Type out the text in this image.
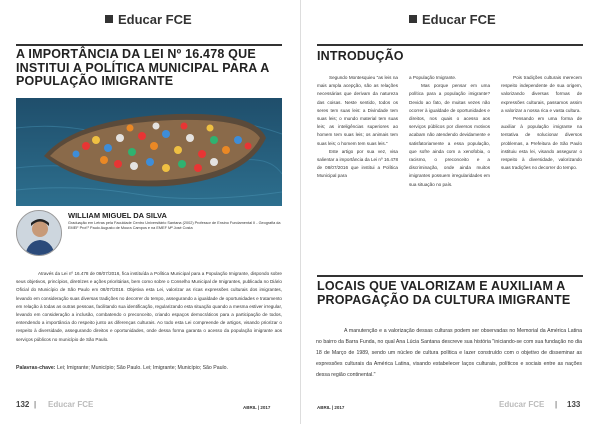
Educar FCE
A IMPORTÂNCIA DA LEI Nº 16.478 QUE INSTITUI A POLÍTICA MUNICIPAL PARA A POPULAÇÃO IMIGRANTE
WILLIAM MIGUEL DA SILVA
Graduação em Letras pela Faculdade Centro Universitário Santana (2002) Professor de Ensino Fundamental II - Geografia da EMEF Prof.º Paulo Augusto de Moura Campos e na EMEF Mª José Costa
Através da Lei nº 16.478 de 08/07/2016, fica instituída a Política Municipal para a População Imigrante, dispondo sobre seus objetivos, princípios, diretrizes e ações prioritárias, bem como sobre o Conselho Municipal de Imigrantes, publicada no Diário Oficial do Município de São Paulo em 08/07/2016. Objetiva esta Lei, valorizar as ricas expressões culturais dos imigrantes, levando em consideração suas diversas tradições no decorrer do tempo, assegurando a igualdade de oportunidades e tratamento em relação à todas as outras pessoas, facilitando sua identificação, regularizando esta situação quando a mesma estiver irregular, levando em consideração a inclusão, combatendo o preconceito, criando espaços democráticos para a participação de todos, entendendo a importância do respeito junto as diferenças culturais. Ao todo esta Lei compreende de artigos, visando priorizar o respeito à diversidade, assegurando direitos e oportunidades, onde dessa forma garanta o acesso da população imigrante aos serviços públicos no município de São Paulo.
Palavras-chave: Lei; Imigrante; Município; São Paulo. Lei; Imigrante; Município; São Paulo.
132 |	Educar FCE	ABRIL | 2017
Educar FCE
INTRODUÇÃO

Segundo Montesquieu "as leis na mais ampla acepção, são as relações necessárias que derivam da natureza das coisas. Neste sentido, todos os seres tem suas leis: a Divindade tem suas leis; o mundo material tem suas leis; as inteligências superiores ao homem tem suas leis; os animais tem suas leis; o homem tem suas leis."

Este artigo por sua vez, visa salientar a importância da Lei nº 16.478 de 08/07/2016 que institui a Política Municipal para

a População Imigrante.

Mas porque pensar em uma política para a população imigrante? Devido ao fato, de muitas vezes não ocorrer à igualdade de oportunidades e direitos, nos quais o acesso aos serviços públicos por diversos motivos acabam não atendendo devidamente e satisfatoriamente a essa população, que sofre ainda com a xenofobia, o racismo, o preconceito e a discriminação, onde ainda muitos imigrantes possuem irregularidades em sua situação no país.

Pois tradições culturais merecem respeito independente de sua origem, valorizando diversas formas de expressões culturais, passamos assim a valorizar a nossa rica e vasta cultura.

Pensando em uma forma de auxiliar à população imigrante na tentativa de solucionar diversos problemas, a Prefeitura de São Paulo instituiu esta lei, visando assegurar o respeito à diversidade, valorizando suas tradições no decorrer do tempo.

LOCAIS QUE VALORIZAM E AUXILIAM A PROPAGAÇÃO DA CULTURA IMIGRANTE
ABRIL | 2017	Educar FCE | 133
A manutenção e a valorização dessas culturas podem ser observadas no Memorial da América Latina no bairro da Barra Funda, no qual Ana Lúcia Santana descreve sua história "iniciando-se com sua fundação no dia 18 de Março de 1989, sendo um núcleo de cultura política e lazer construído com o objetivo de disseminar as expressões culturais da América Latina, visando estabelecer laços culturais, políticos e sociais entre as nações dessa região continental."
